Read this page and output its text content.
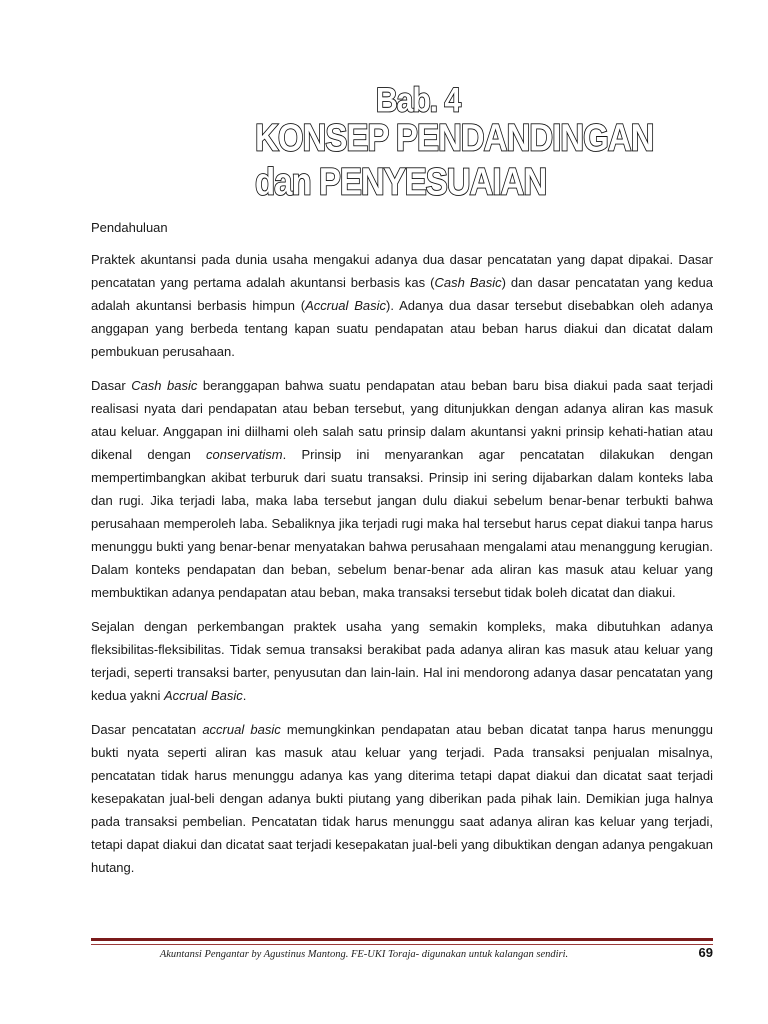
Bab. 4
KONSEP PENDANDINGAN
dan PENYESUAIAN

Pendahuluan

Praktek akuntansi pada dunia usaha mengakui adanya dua dasar pencatatan yang dapat dipakai. Dasar pencatatan yang pertama adalah akuntansi berbasis kas (Cash Basic) dan dasar pencatatan yang kedua adalah akuntansi berbasis himpun (Accrual Basic). Adanya dua dasar tersebut disebabkan oleh adanya anggapan yang berbeda tentang kapan suatu pendapatan atau beban harus diakui dan dicatat dalam pembukuan perusahaan.

Dasar Cash basic beranggapan bahwa suatu pendapatan atau beban baru bisa diakui pada saat terjadi realisasi nyata dari pendapatan atau beban tersebut, yang ditunjukkan dengan adanya aliran kas masuk atau keluar. Anggapan ini diilhami oleh salah satu prinsip dalam akuntansi yakni prinsip kehati-hatian atau dikenal dengan conservatism. Prinsip ini menyarankan agar pencatatan dilakukan dengan mempertimbangkan akibat terburuk dari suatu transaksi. Prinsip ini sering dijabarkan dalam konteks laba dan rugi. Jika terjadi laba, maka laba tersebut jangan dulu diakui sebelum benar-benar terbukti bahwa perusahaan memperoleh laba. Sebaliknya jika terjadi rugi maka hal tersebut harus cepat diakui tanpa harus menunggu bukti yang benar-benar menyatakan bahwa perusahaan mengalami atau menanggung kerugian. Dalam konteks pendapatan dan beban, sebelum benar-benar ada aliran kas masuk atau keluar yang membuktikan adanya pendapatan atau beban, maka transaksi tersebut tidak boleh dicatat dan diakui.

Sejalan dengan perkembangan praktek usaha yang semakin kompleks, maka dibutuhkan adanya fleksibilitas-fleksibilitas. Tidak semua transaksi berakibat pada adanya aliran kas masuk atau keluar yang terjadi, seperti transaksi barter, penyusutan dan lain-lain. Hal ini mendorong adanya dasar pencatatan yang kedua yakni Accrual Basic.

Dasar pencatatan accrual basic memungkinkan pendapatan atau beban dicatat tanpa harus menunggu bukti nyata seperti aliran kas masuk atau keluar yang terjadi. Pada transaksi penjualan misalnya, pencatatan tidak harus menunggu adanya kas yang diterima tetapi dapat diakui dan dicatat saat terjadi kesepakatan jual-beli dengan adanya bukti piutang yang diberikan pada pihak lain. Demikian juga halnya pada transaksi pembelian. Pencatatan tidak harus menunggu saat adanya aliran kas keluar yang terjadi, tetapi dapat diakui dan dicatat saat terjadi kesepakatan jual-beli yang dibuktikan dengan adanya pengakuan hutang.

Akuntansi Pengantar by Agustinus Mantong. FE-UKI Toraja- digunakan untuk kalangan sendiri.	69
